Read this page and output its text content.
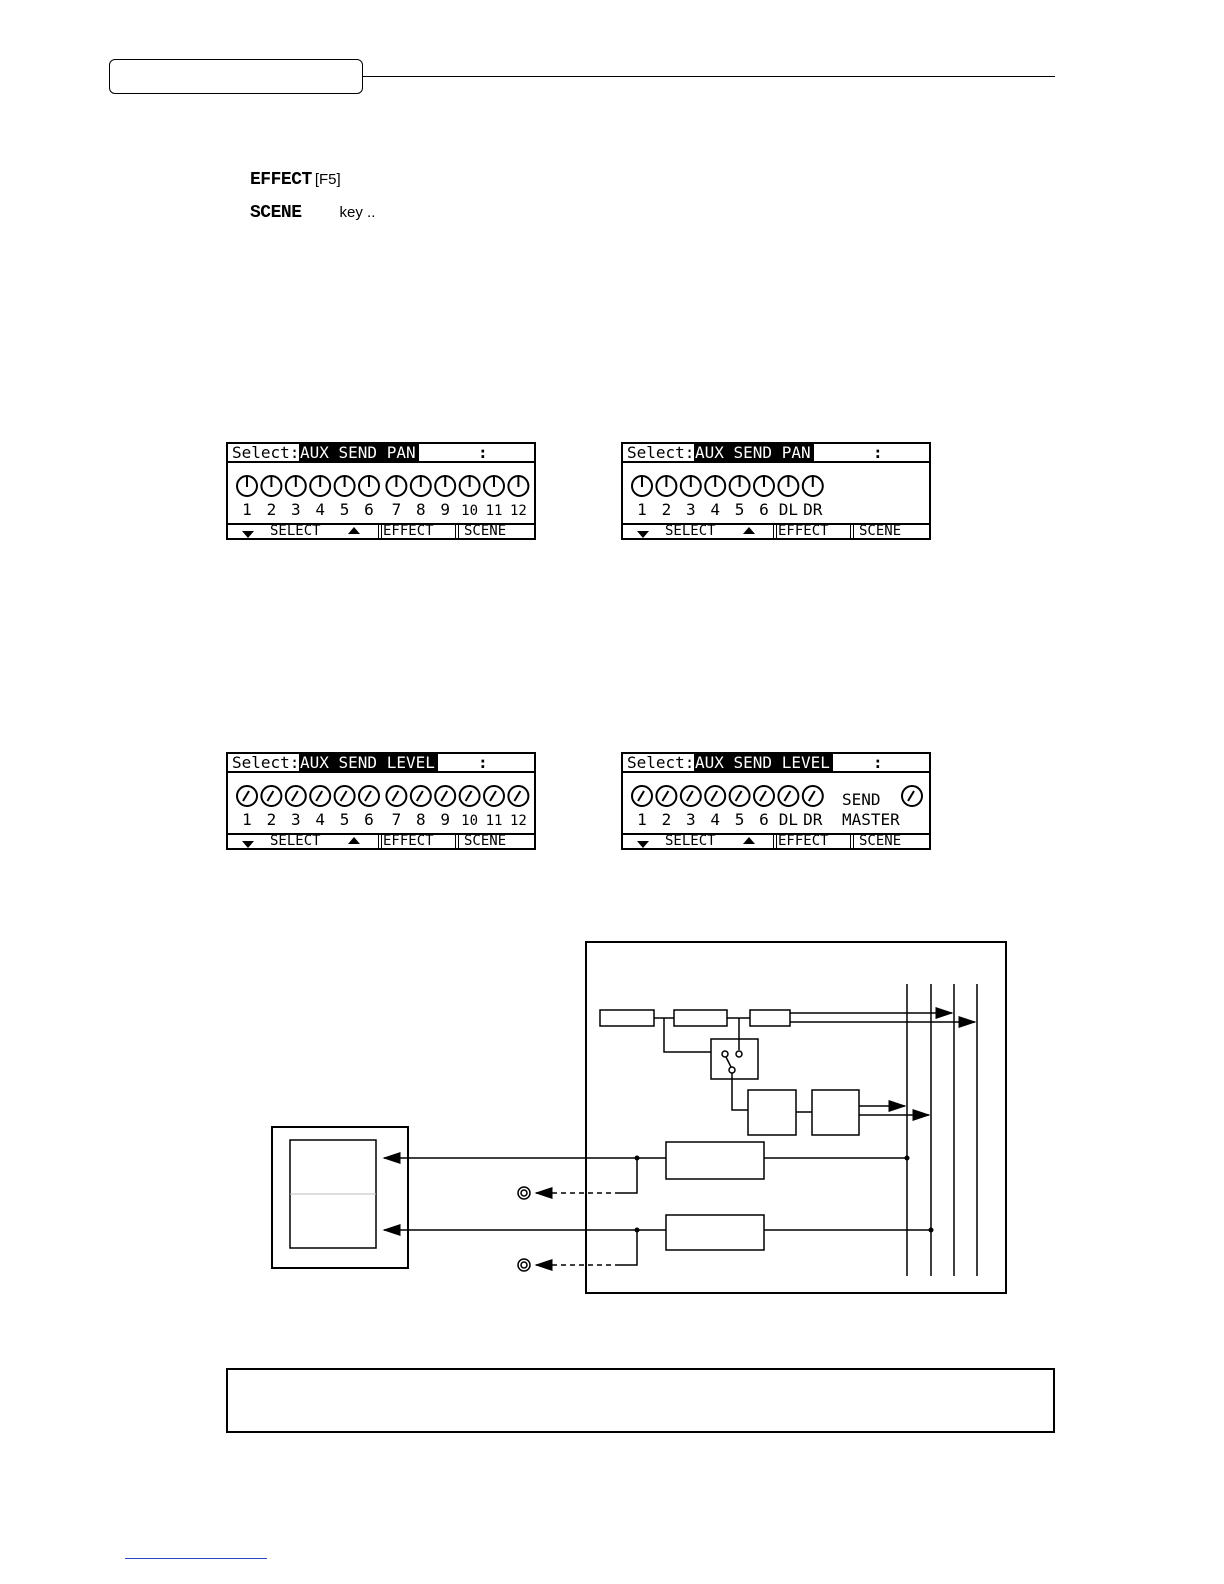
EFFECT [F5]
SCENE	key ..
Select: AUX SEND PAN	:
1 2 3 4 5 6 7 8 9 10 11 12
SELECT	EFFECT SCENE
Select: AUX SEND PAN	:
1 2 3 4 5 6 DL DR
SELECT	EFFECT SCENE
Select: AUX SEND LEVEL	:
1 2 3 4 5 6 7 8 9 10 11 12
SELECT	EFFECT SCENE
Select: AUX SEND LEVEL	:
1 2 3 4 5 6 DL DR
SEND
MASTER
SELECT	EFFECT SCENE
